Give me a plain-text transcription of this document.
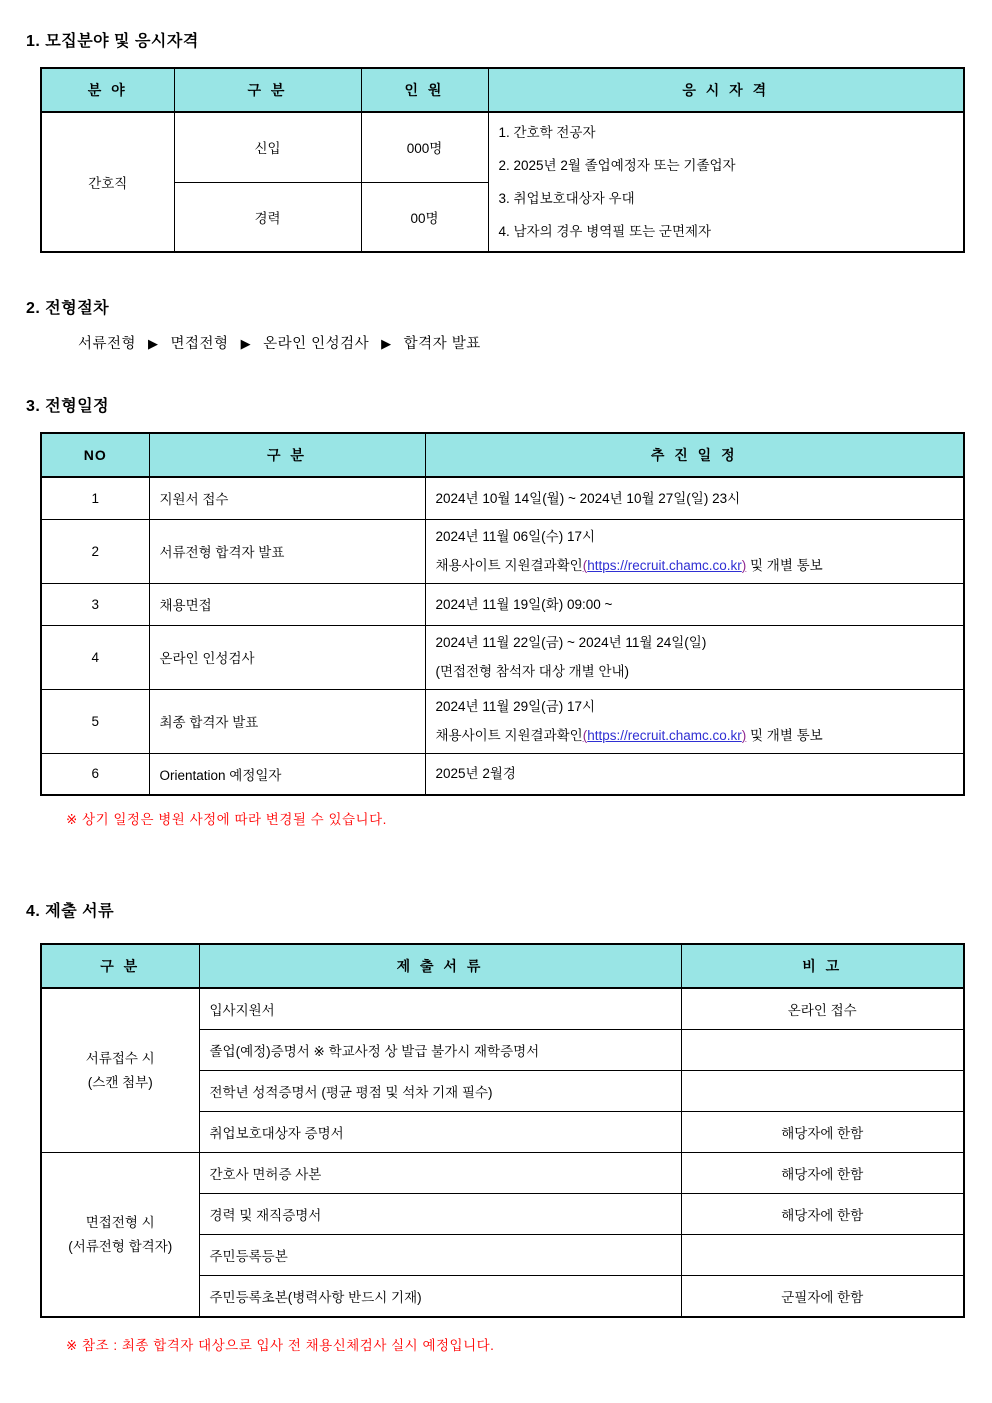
1. 모집분야 및 응시자격
분 야	구 분	인 원	응 시 자 격
간호직	신입	000명	1. 간호학 전공자
2. 2025년 2월 졸업예정자 또는 기졸업자
3. 취업보호대상자 우대
4. 남자의 경우 병역필 또는 군면제자

	경력	00명	
2. 전형절차
서류전형 ▶ 면접전형 ▶ 온라인 인성검사 ▶ 합격자 발표
3. 전형일정
NO	구 분	추 진 일 정
1	지원서 접수	2024년 10월 14일(월) ~ 2024년 10월 27일(일) 23시

2	서류전형 합격자 발표	2024년 11월 06일(수) 17시
채용사이트 지원결과확인(https://recruit.chamc.co.kr) 및 개별 통보

3	채용면접	2024년 11월 19일(화) 09:00 ~

4	온라인 인성검사	2024년 11월 22일(금) ~ 2024년 11월 24일(일)
(면접전형 참석자 대상 개별 안내)

5	최종 합격자 발표	2024년 11월 29일(금) 17시
채용사이트 지원결과확인(https://recruit.chamc.co.kr) 및 개별 통보

6	Orientation 예정일자	2025년 2월경
※ 상기 일정은 병원 사정에 따라 변경될 수 있습니다.
4. 제출 서류
구 분	제 출 서 류	비 고

서류접수 시
(스캔 첨부)	입사지원서	온라인 접수
	졸업(예정)증명서 ※ 학교사정 상 발급 불가시 재학증명서	
	전학년 성적증명서 (평균 평점 및 석차 기재 필수)	
	취업보호대상자 증명서	해당자에 한함

면접전형 시
(서류전형 합격자)	간호사 면허증 사본	해당자에 한함
	경력 및 재직증명서	해당자에 한함
	주민등록등본	
	주민등록초본(병력사항 반드시 기재)	군필자에 한함
※ 참조 : 최종 합격자 대상으로 입사 전 채용신체검사 실시 예정입니다.
